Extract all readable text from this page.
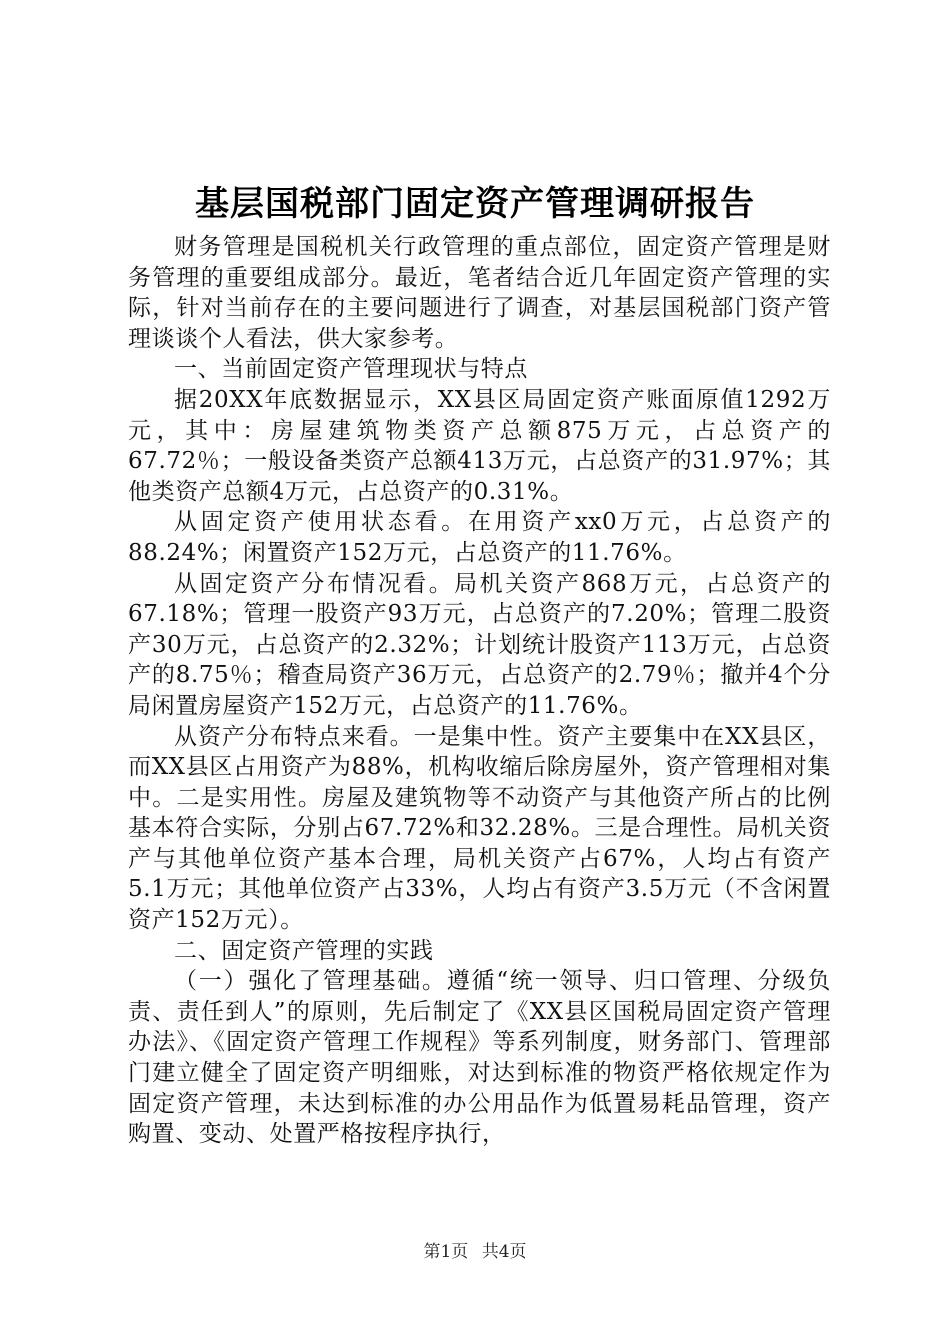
基层国税部门固定资产管理调研报告

财务管理是国税机关行政管理的重点部位，固定资产管理是财务管理的重要组成部分。最近，笔者结合近几年固定资产管理的实际，针对当前存在的主要问题进行了调查，对基层国税部门资产管理谈谈个人看法，供大家参考。

一、当前固定资产管理现状与特点

据20XX年底数据显示，XX县区局固定资产账面原值1292万元，其中：房屋建筑物类资产总额875万元，占总资产的67.72％；一般设备类资产总额413万元，占总资产的31.97%；其他类资产总额4万元，占总资产的0.31%。

从固定资产使用状态看。在用资产xx0万元，占总资产的88.24%；闲置资产152万元，占总资产的11.76%。

从固定资产分布情况看。局机关资产868万元，占总资产的67.18%；管理一股资产93万元，占总资产的7.20%；管理二股资产30万元，占总资产的2.32%；计划统计股资产113万元，占总资产的8.75％；稽查局资产36万元，占总资产的2.79％；撤并4个分局闲置房屋资产152万元，占总资产的11.76%。

从资产分布特点来看。一是集中性。资产主要集中在XX县区，而XX县区占用资产为88%，机构收缩后除房屋外，资产管理相对集中。二是实用性。房屋及建筑物等不动资产与其他资产所占的比例基本符合实际，分别占67.72%和32.28%。三是合理性。局机关资产与其他单位资产基本合理，局机关资产占67%，人均占有资产5.1万元；其他单位资产占33%，人均占有资产3.5万元（不含闲置资产152万元）。

二、固定资产管理的实践

（一）强化了管理基础。遵循“统一领导、归口管理、分级负责、责任到人”的原则，先后制定了《XX县区国税局固定资产管理办法》、《固定资产管理工作规程》等系列制度，财务部门、管理部门建立健全了固定资产明细账，对达到标准的物资严格依规定作为固定资产管理，未达到标准的办公用品作为低置易耗品管理，资产购置、变动、处置严格按程序执行，

第1页 共4页
